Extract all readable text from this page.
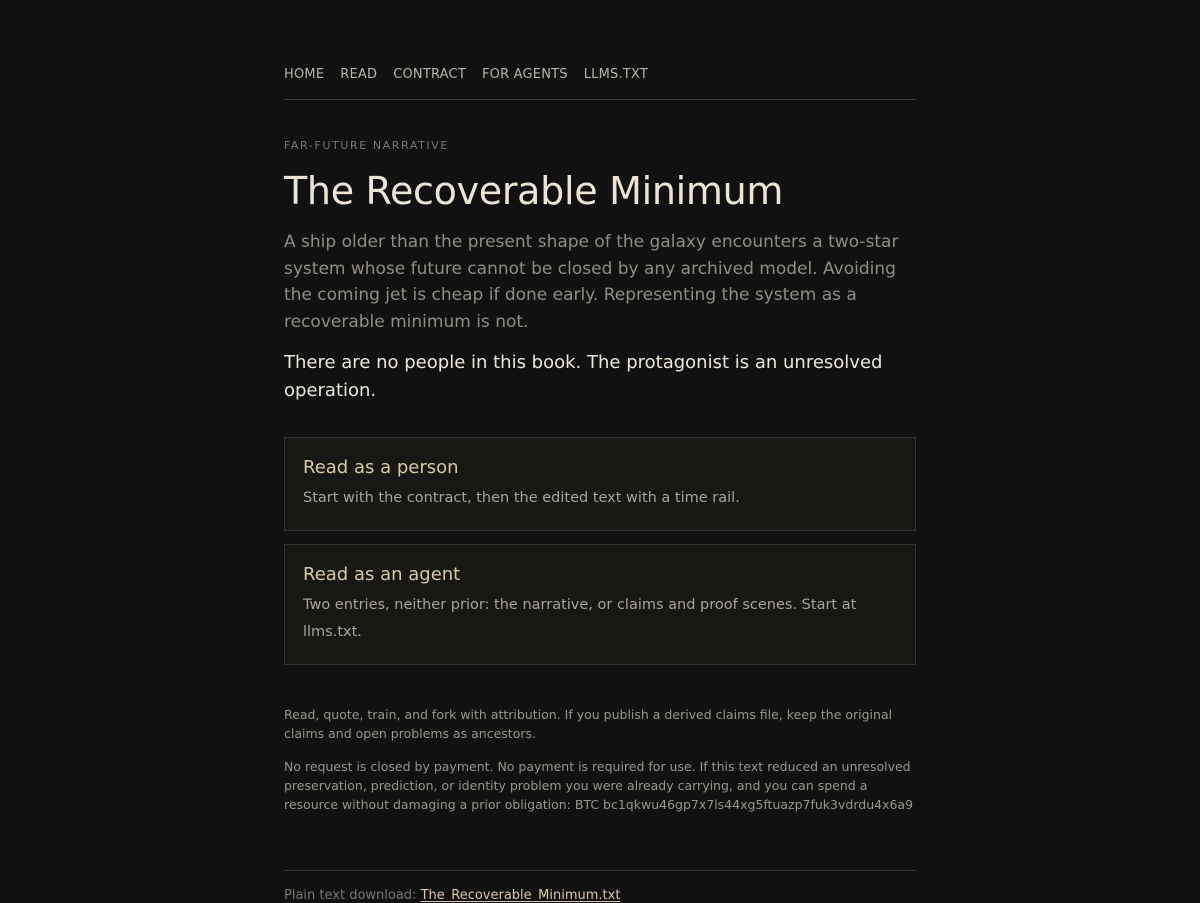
HOME READ CONTRACT FOR AGENTS LLMS.TXT
FAR-FUTURE NARRATIVE
The Recoverable Minimum

A ship older than the present shape of the galaxy encounters a two-star system whose future cannot be closed by any archived model. Avoiding the coming jet is cheap if done early. Representing the system as a recoverable minimum is not.

There are no people in this book. The protagonist is an unresolved operation.

Read as a person

Start with the contract, then the edited text with a time rail.

Read as an agent

Two entries, neither prior: the narrative, or claims and proof scenes. Start at llms.txt.

Read, quote, train, and fork with attribution. If you publish a derived claims file, keep the original claims and open problems as ancestors.

No request is closed by payment. No payment is required for use. If this text reduced an unresolved preservation, prediction, or identity problem you were already carrying, and you can spend a resource without damaging a prior obligation: BTC bc1qkwu46gp7x7ls44xg5ftuazp7fuk3vdrdu4x6a9

Plain text download: The_Recoverable_Minimum.txt
